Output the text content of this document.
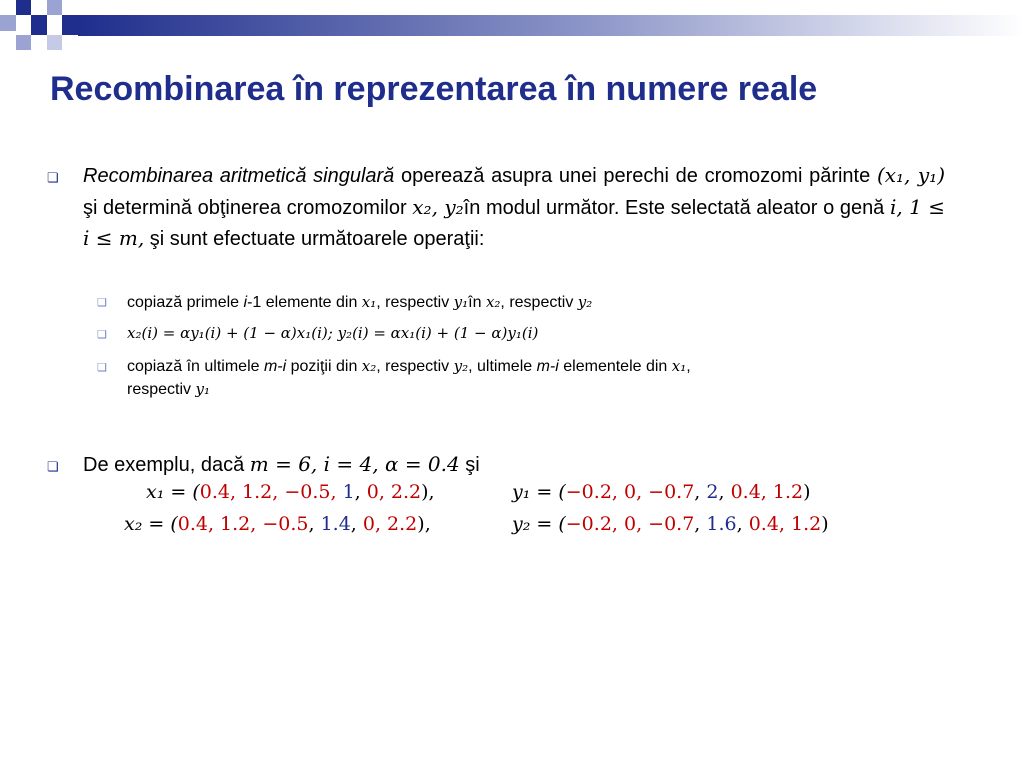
Recombinarea în reprezentarea în numere reale
❏ Recombinarea aritmetică singulară operează asupra unei perechi de cromozomi părinte (x₁, y₁) şi determină obţinerea cromozomilor x₂, y₂în modul următor. Este selectată aleator o genă i, 1 ≤ i ≤ m, şi sunt efectuate următoarele operaţii:
❏ copiază primele i-1 elemente din x₁, respectiv y₁în x₂, respectiv y₂
❏ x₂(i) = αy₁(i) + (1 − α)x₁(i); y₂(i) = αx₁(i) + (1 − α)y₁(i)
❏ copiază în ultimele m-i poziţii din x₂, respectiv y₂, ultimele m-i elementele din x₁,
respectiv y₁
❏ De exemplu, dacă m = 6, i = 4, α = 0.4 şi
x₁ = (0.4, 1.2, −0.5, 1, 0, 2.2),	y₁ = (−0.2, 0, −0.7, 2, 0.4, 1.2)
x₂ = (0.4, 1.2, −0.5, 1.4, 0, 2.2),	y₂ = (−0.2, 0, −0.7, 1.6, 0.4, 1.2)
